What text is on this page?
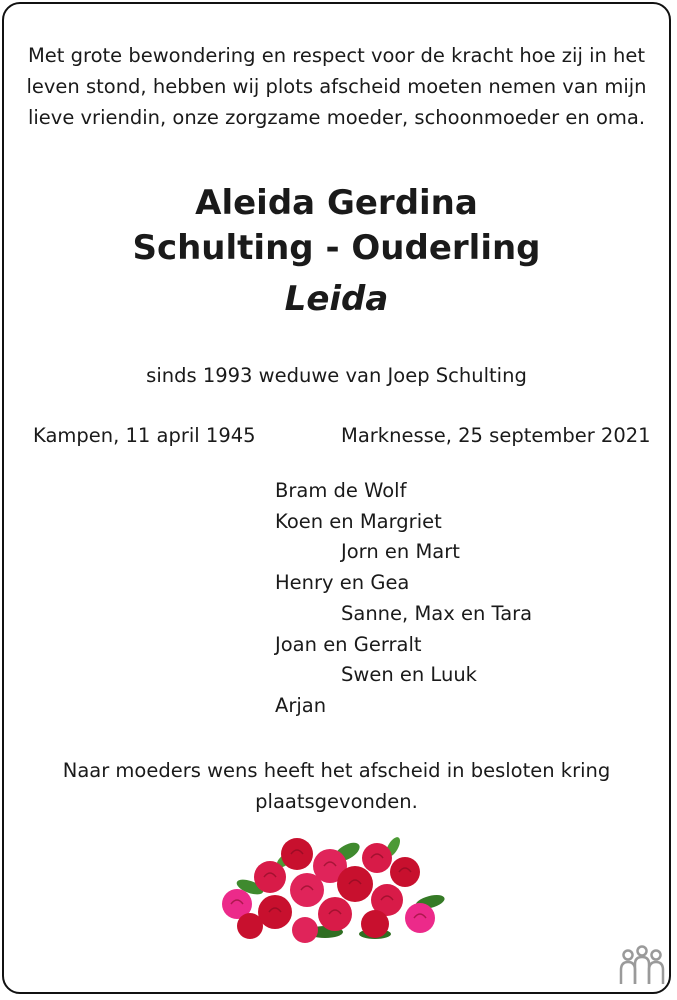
Met grote bewondering en respect voor de kracht hoe zij in het
leven stond, hebben wij plots afscheid moeten nemen van mijn
lieve vriendin, onze zorgzame moeder, schoonmoeder en oma.
Aleida Gerdina
Schulting - Ouderling
Leida
sinds 1993 weduwe van Joep Schulting
Kampen, 11 april 1945	Marknesse, 25 september 2021
Bram de Wolf
Koen en Margriet
Jorn en Mart
Henry en Gea
Sanne, Max en Tara
Joan en Gerralt
Swen en Luuk
Arjan
Naar moeders wens heeft het afscheid in besloten kring
plaatsgevonden.
